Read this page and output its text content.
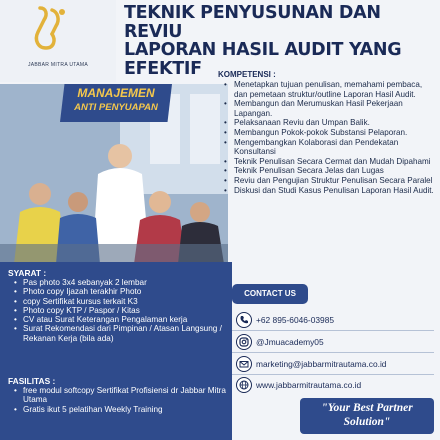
JABBAR MITRA UTAMA
TEKNIK PENYUSUNAN DAN REVIU
LAPORAN HASIL AUDIT YANG
EFEKTIF
MANAJEMEN
ANTI PENYUAPAN
KOMPETENSI :
• Menetapkan tujuan penulisan, memahami pembaca, dan pemetaan struktur/outline Laporan Hasil Audit.
• Membangun dan Merumuskan Hasil Pekerjaan Lapangan.
• Pelaksanaan Reviu dan Umpan Balik.
• Membangun Pokok-pokok Substansi Pelaporan.
• Mengembangkan Kolaborasi dan Pendekatan Konsultansi
• Teknik Penulisan Secara Cermat dan Mudah Dipahami
• Teknik Penulisan Secara Jelas dan Lugas
• Reviu dan Pengujian Struktur Penulisan Secara Paralel
• Diskusi dan Studi Kasus Penulisan Laporan Hasil Audit.
CONTACT US
+62 895-6046-03985
@Jmuacademy05
marketing@jabbarmitrautama.co.id
www.jabbarmitrautama.co.id
"Your Best Partner
Solution"
SYARAT :
• Pas photo 3x4 sebanyak 2 lembar
• Photo copy Ijazah terakhir Photo
• copy Sertifikat kursus terkait K3
• Photo copy KTP / Paspor / Kitas
• CV atau Surat Keterangan Pengalaman kerja
• Surat Rekomendasi dari Pimpinan / Atasan Langsung / Rekanan Kerja (bila ada)
FASILITAS :
• free modul softcopy Sertifikat Profisiensi dr Jabbar Mitra Utama
• Gratis ikut 5 pelatihan Weekly Training
